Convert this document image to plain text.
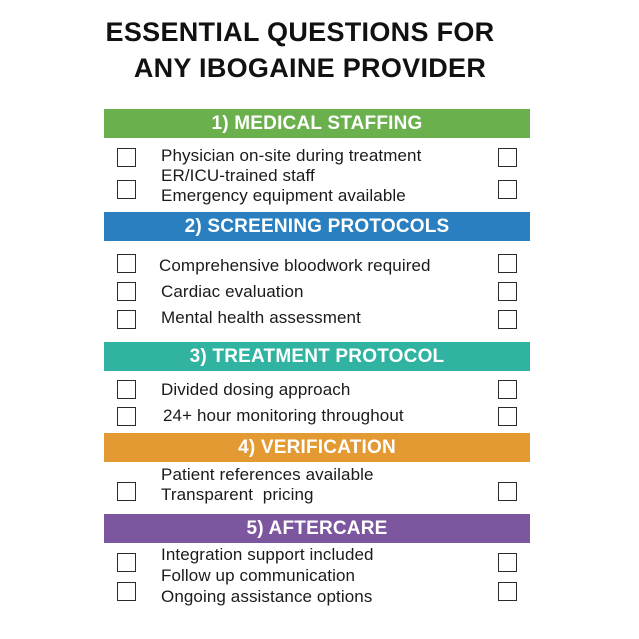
ESSENTIAL QUESTIONS FOR
ANY IBOGAINE PROVIDER
1) MEDICAL STAFFING
Physician on-site during treatment
ER/ICU-trained staff
Emergency equipment available
2) SCREENING PROTOCOLS
Comprehensive bloodwork required
Cardiac evaluation
Mental health assessment
3) TREATMENT PROTOCOL
Divided dosing approach
24+ hour monitoring throughout
4) VERIFICATION
Patient references available
Transparent  pricing
5) AFTERCARE
Integration support included
Follow up communication
Ongoing assistance options
